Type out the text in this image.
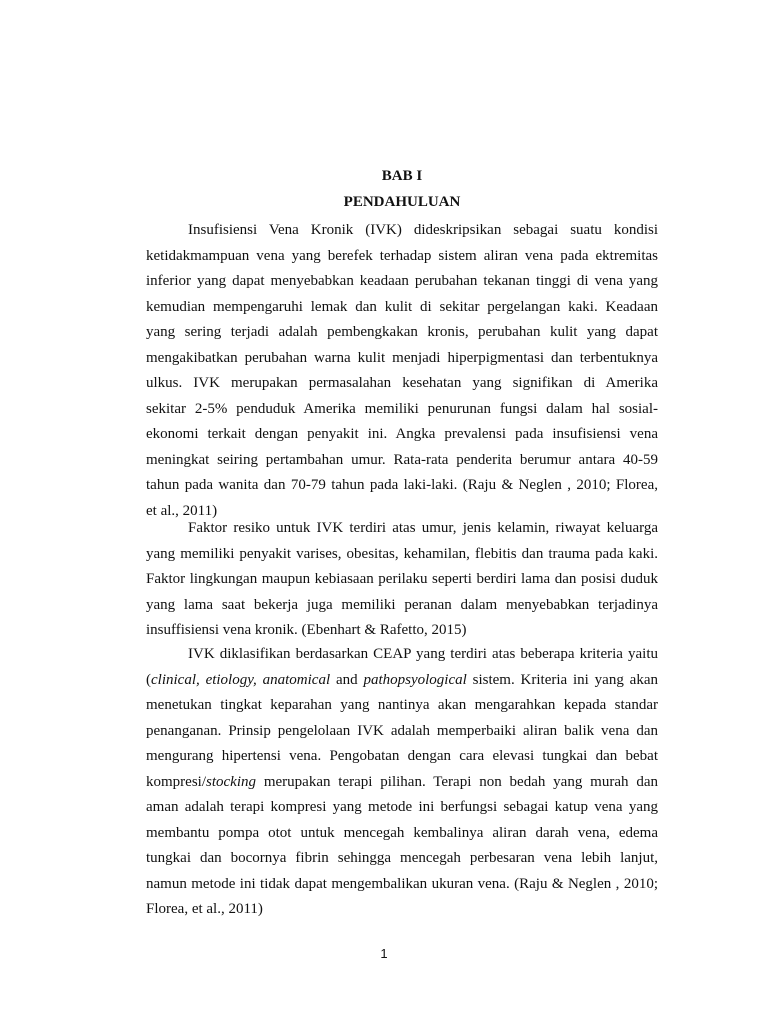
BAB I
PENDAHULUAN

Insufisiensi Vena Kronik (IVK) dideskripsikan sebagai suatu kondisi
ketidakmampuan vena yang berefek terhadap sistem aliran vena pada ektremitas
inferior yang dapat menyebabkan keadaan perubahan tekanan tinggi di vena yang
kemudian mempengaruhi lemak dan kulit di sekitar pergelangan kaki. Keadaan
yang sering terjadi adalah pembengkakan kronis, perubahan kulit yang dapat
mengakibatkan perubahan warna kulit menjadi hiperpigmentasi dan terbentuknya
ulkus. IVK merupakan permasalahan kesehatan yang signifikan di Amerika
sekitar 2-5% penduduk Amerika memiliki penurunan fungsi dalam hal sosial-
ekonomi terkait dengan penyakit ini. Angka prevalensi pada insufisiensi vena
meningkat seiring pertambahan umur. Rata-rata penderita berumur antara 40-59
tahun pada wanita dan 70-79 tahun pada laki-laki. (Raju & Neglen , 2010; Florea,
et al., 2011)

Faktor resiko untuk IVK terdiri atas umur, jenis kelamin, riwayat keluarga
yang memiliki penyakit varises, obesitas, kehamilan, flebitis dan trauma pada kaki.
Faktor lingkungan maupun kebiasaan perilaku seperti berdiri lama dan posisi duduk
yang lama saat bekerja juga memiliki peranan dalam menyebabkan terjadinya
insuffisiensi vena kronik. (Ebenhart & Rafetto, 2015)

IVK diklasifikan berdasarkan CEAP yang terdiri atas beberapa kriteria yaitu
(clinical, etiology, anatomical and pathopsyological sistem. Kriteria ini yang akan
menetukan tingkat keparahan yang nantinya akan mengarahkan kepada standar
penanganan. Prinsip pengelolaan IVK adalah memperbaiki aliran balik vena dan
mengurang hipertensi vena. Pengobatan dengan cara elevasi tungkai dan bebat
kompresi/stocking merupakan terapi pilihan. Terapi non bedah yang murah dan
aman adalah terapi kompresi yang metode ini berfungsi sebagai katup vena yang
membantu pompa otot untuk mencegah kembalinya aliran darah vena, edema
tungkai dan bocornya fibrin sehingga mencegah perbesaran vena lebih lanjut,
namun metode ini tidak dapat mengembalikan ukuran vena. (Raju & Neglen , 2010;
Florea, et al., 2011)

1
